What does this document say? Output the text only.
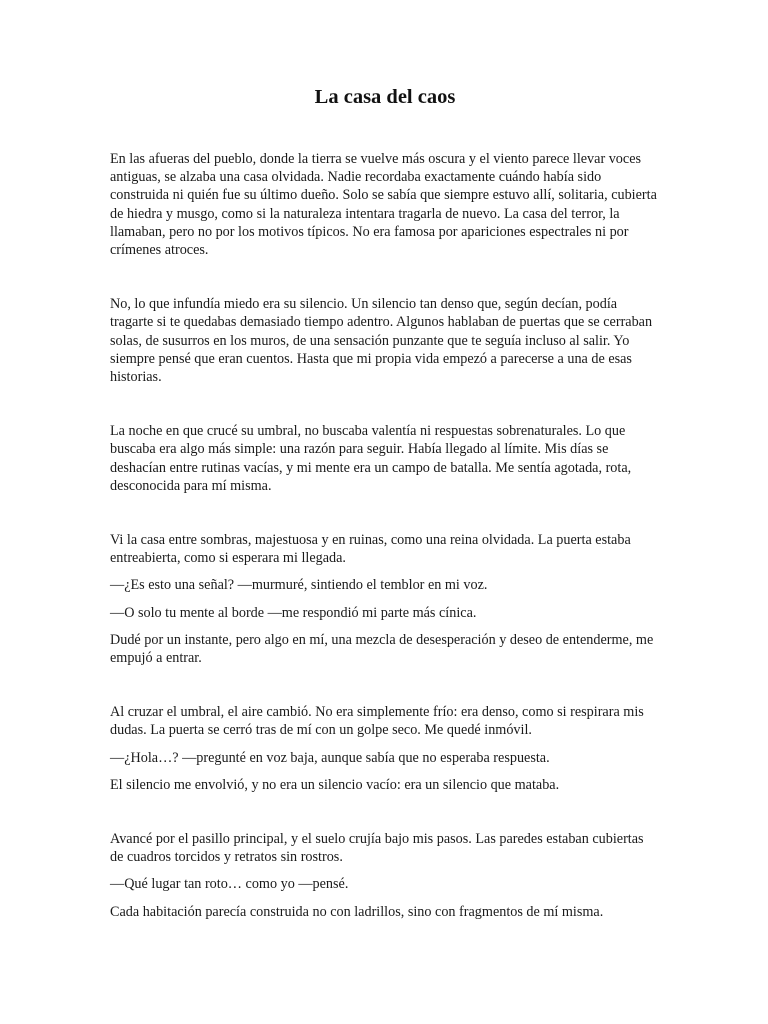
La casa del caos

En las afueras del pueblo, donde la tierra se vuelve más oscura y el viento parece llevar voces antiguas, se alzaba una casa olvidada. Nadie recordaba exactamente cuándo había sido construida ni quién fue su último dueño. Solo se sabía que siempre estuvo allí, solitaria, cubierta de hiedra y musgo, como si la naturaleza intentara tragarla de nuevo. La casa del terror, la llamaban, pero no por los motivos típicos. No era famosa por apariciones espectrales ni por crímenes atroces.

No, lo que infundía miedo era su silencio. Un silencio tan denso que, según decían, podía tragarte si te quedabas demasiado tiempo adentro. Algunos hablaban de puertas que se cerraban solas, de susurros en los muros, de una sensación punzante que te seguía incluso al salir. Yo siempre pensé que eran cuentos. Hasta que mi propia vida empezó a parecerse a una de esas historias.

La noche en que crucé su umbral, no buscaba valentía ni respuestas sobrenaturales. Lo que buscaba era algo más simple: una razón para seguir. Había llegado al límite. Mis días se deshacían entre rutinas vacías, y mi mente era un campo de batalla. Me sentía agotada, rota, desconocida para mí misma.

Vi la casa entre sombras, majestuosa y en ruinas, como una reina olvidada. La puerta estaba entreabierta, como si esperara mi llegada.

—¿Es esto una señal? —murmuré, sintiendo el temblor en mi voz.

—O solo tu mente al borde —me respondió mi parte más cínica.

Dudé por un instante, pero algo en mí, una mezcla de desesperación y deseo de entenderme, me empujó a entrar.

Al cruzar el umbral, el aire cambió. No era simplemente frío: era denso, como si respirara mis dudas. La puerta se cerró tras de mí con un golpe seco. Me quedé inmóvil.

—¿Hola…? —pregunté en voz baja, aunque sabía que no esperaba respuesta.

El silencio me envolvió, y no era un silencio vacío: era un silencio que mataba.

Avancé por el pasillo principal, y el suelo crujía bajo mis pasos. Las paredes estaban cubiertas de cuadros torcidos y retratos sin rostros.

—Qué lugar tan roto… como yo —pensé.

Cada habitación parecía construida no con ladrillos, sino con fragmentos de mí misma.
